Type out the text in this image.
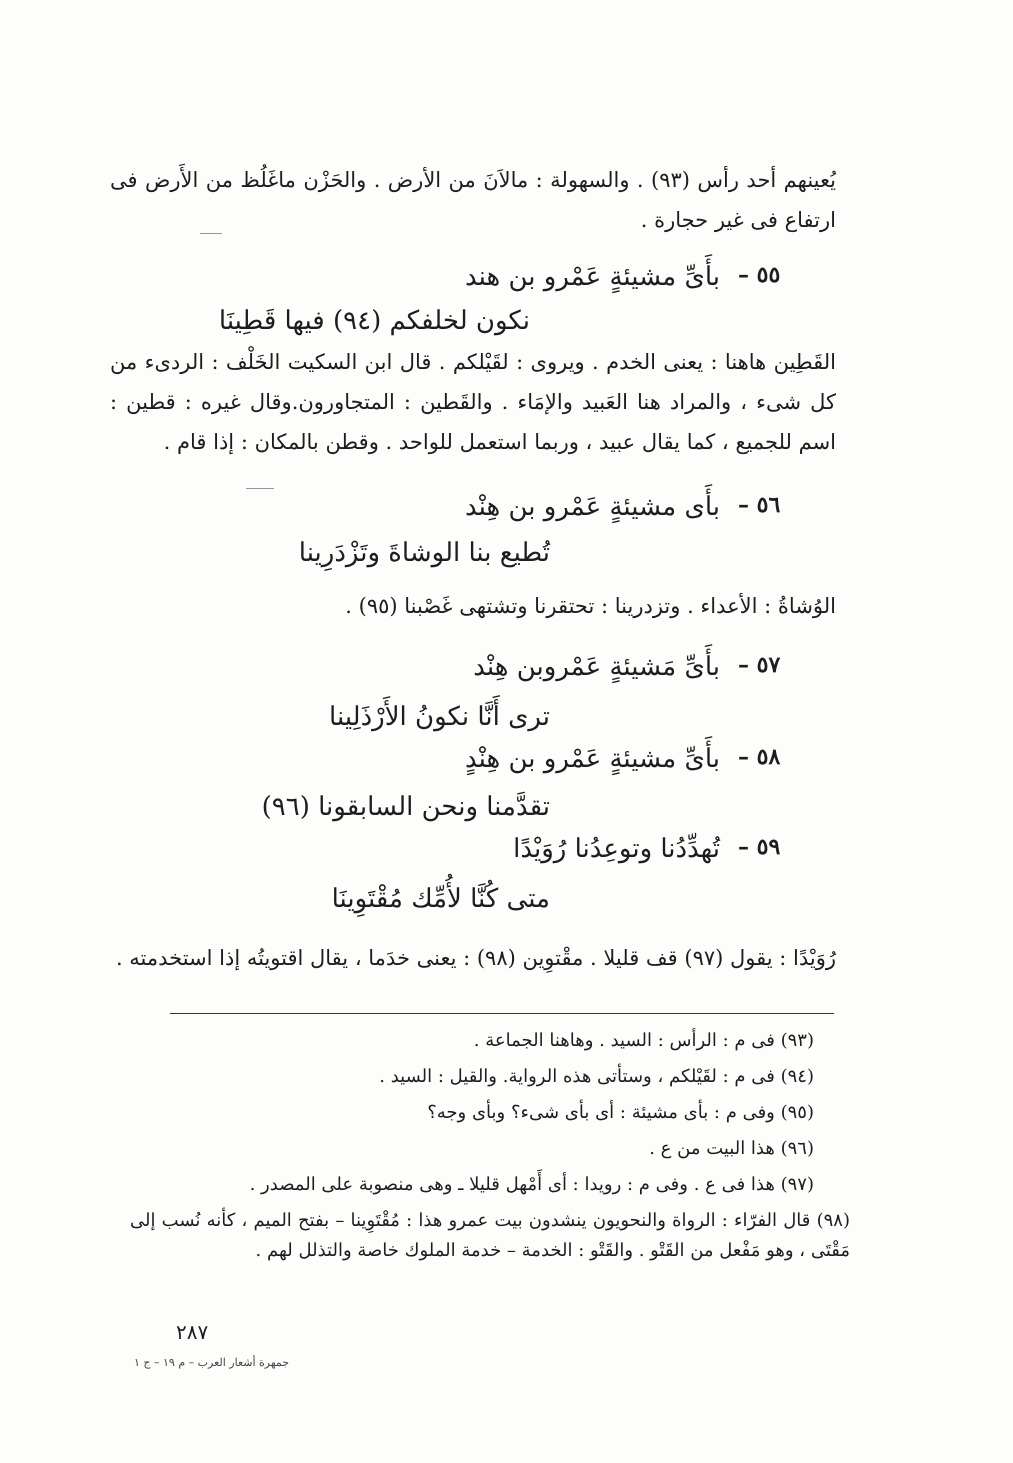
يُعينهم أحد رأس (٩٣) . والسهولة : مالاَنَ من الأرض . والحَزْن ماغَلُظ من الأَرض فى ارتفاع فى غير حجارة .

٥٥ –
بأَىِّ مشيئةٍ عَمْرو بن هند
نكون لخلفكم (٩٤) فيها قَطِينَا

القَطِين هاهنا : يعنى الخدم . ويروى : لقَيْلكم . قال ابن السكيت الخَلْف : الردىء من كل شىء ، والمراد هنا العَبيد والإمَاء . والقَطين : المتجاورون.وقال غيره : قطين : اسم للجميع ، كما يقال عبيد ، وربما استعمل للواحد . وقطن بالمكان : إذا قام .

٥٦ –
بأَى مشيئةٍ عَمْرو بن هِنْد
تُطيع بنا الوشاةَ وتَزْدَرِينا

الوُشاةُ : الأعداء . وتزدرينا : تحتقرنا وتشتهى غَصْبنا (٩٥) .

٥٧ –
بأَىِّ مَشيئةٍ عَمْروبن هِنْد
ترى أَنَّا نكونُ الأَرْذَلِينا
٥٨ –
بأَىِّ مشيئةٍ عَمْرو بن هِنْدٍ
تقدَّمنا ونحن السابقونا (٩٦)
٥٩ –
تُهدِّدُنا وتوعِدُنا رُوَيْدًا
متى كُنَّا لأُمِّك مُقْتَوِينَا

رُوَيْدًا : يقول (٩٧) قف قليلا . مقْتوِين (٩٨) : يعنى خدَما ، يقال اقتويتُه إذا استخدمته .

(٩٣) فى م : الرأس : السيد . وهاهنا الجماعة .

(٩٤) فى م : لقَيْلكم ، وستأتى هذه الرواية. والقيل : السيد .

(٩٥) وفى م : بأى مشيئة : أى بأى شىء؟ وبأى وجه؟

(٩٦) هذا البيت من ع .

(٩٧) هذا فى ع . وفى م : رويدا : أى أَمْهل قليلا ـ وهى منصوبة على المصدر .

(٩٨) قال الفرّاء : الرواة والنحويون ينشدون بيت عمرو هذا : مُقْتَوِينا – بفتح الميم ، كأنه نُسب إلى مَقْتَى ، وهو مَفْعل من القَتْو . والقَتْو : الخدمة – خدمة الملوك خاصة والتذلل لهم .

٢٨٧
جمهرة أشعار العرب – م ١٩ – ج ١
